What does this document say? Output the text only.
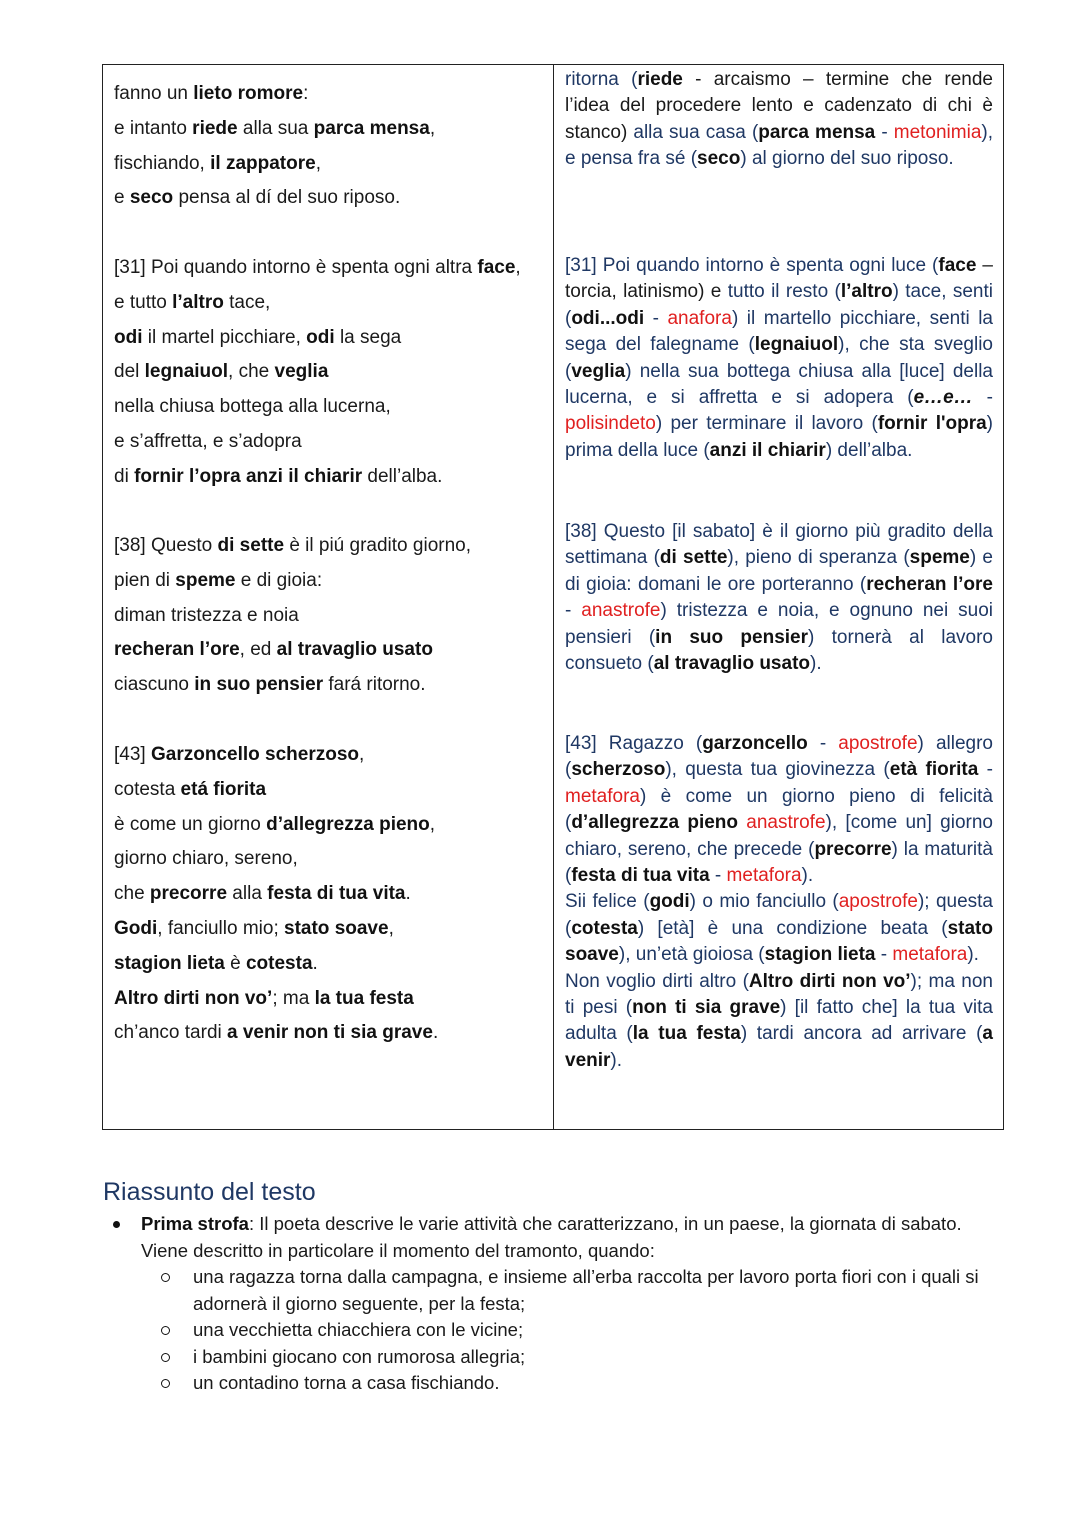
fanno un lieto romore:
e intanto riede alla sua parca mensa,
fischiando, il zappatore,
e seco pensa al dí del suo riposo.
[31] Poi quando intorno è spenta ogni altra face,
e tutto l’altro tace,
odi il martel picchiare, odi la sega
del legnaiuol, che veglia
nella chiusa bottega alla lucerna,
e s’affretta, e s’adopra
di fornir l’opra anzi il chiarir dell’alba.
[38] Questo di sette è il piú gradito giorno,
pien di speme e di gioia:
diman tristezza e noia
recheran l’ore, ed al travaglio usato
ciascuno in suo pensier fará ritorno.
[43] Garzoncello scherzoso,
cotesta etá fiorita
è come un giorno d’allegrezza pieno,
giorno chiaro, sereno,
che precorre alla festa di tua vita.
Godi, fanciullo mio; stato soave,
stagion lieta è cotesta.
Altro dirti non vo’; ma la tua festa
ch’anco tardi a venir non ti sia grave.

ritorna (riede - arcaismo – termine che rende l’idea del procedere lento e cadenzato di chi è stanco) alla sua casa (parca mensa - metonimia), e pensa fra sé (seco) al giorno del suo riposo.

[31] Poi quando intorno è spenta ogni luce (face – torcia, latinismo) e tutto il resto (l’altro) tace, senti (odi...odi - anafora) il martello picchiare, senti la sega del falegname (legnaiuol), che sta sveglio (veglia) nella sua bottega chiusa alla [luce] della lucerna, e si affretta e si adopera (e…e… - polisindeto) per terminare il lavoro (fornir l'opra) prima della luce (anzi il chiarir) dell’alba.

[38] Questo [il sabato] è il giorno più gradito della settimana (di sette), pieno di speranza (speme) e di gioia: domani le ore porteranno (recheran l’ore - anastrofe) tristezza e noia, e ognuno nei suoi pensieri (in suo pensier) tornerà al lavoro consueto (al travaglio usato).

[43] Ragazzo (garzoncello - apostrofe) allegro (scherzoso), questa tua giovinezza (età fiorita - metafora) è come un giorno pieno di felicità (d’allegrezza pieno anastrofe), [come un] giorno chiaro, sereno, che precede (precorre) la maturità (festa di tua vita - metafora).

Sii felice (godi) o mio fanciullo (apostrofe); questa (cotesta) [età] è una condizione beata (stato soave), un’età gioiosa (stagion lieta - metafora).

Non voglio dirti altro (Altro dirti non vo’); ma non ti pesi (non ti sia grave) [il fatto che] la tua vita adulta (la tua festa) tardi ancora ad arrivare (a venir).

Riassunto del testo
Prima strofa: Il poeta descrive le varie attività che caratterizzano, in un paese, la giornata di sabato. Viene descritto in particolare il momento del tramonto, quando:
una ragazza torna dalla campagna, e insieme all’erba raccolta per lavoro porta fiori con i quali si adornerà il giorno seguente, per la festa;
una vecchietta chiacchiera con le vicine;
i bambini giocano con rumorosa allegria;
un contadino torna a casa fischiando.
